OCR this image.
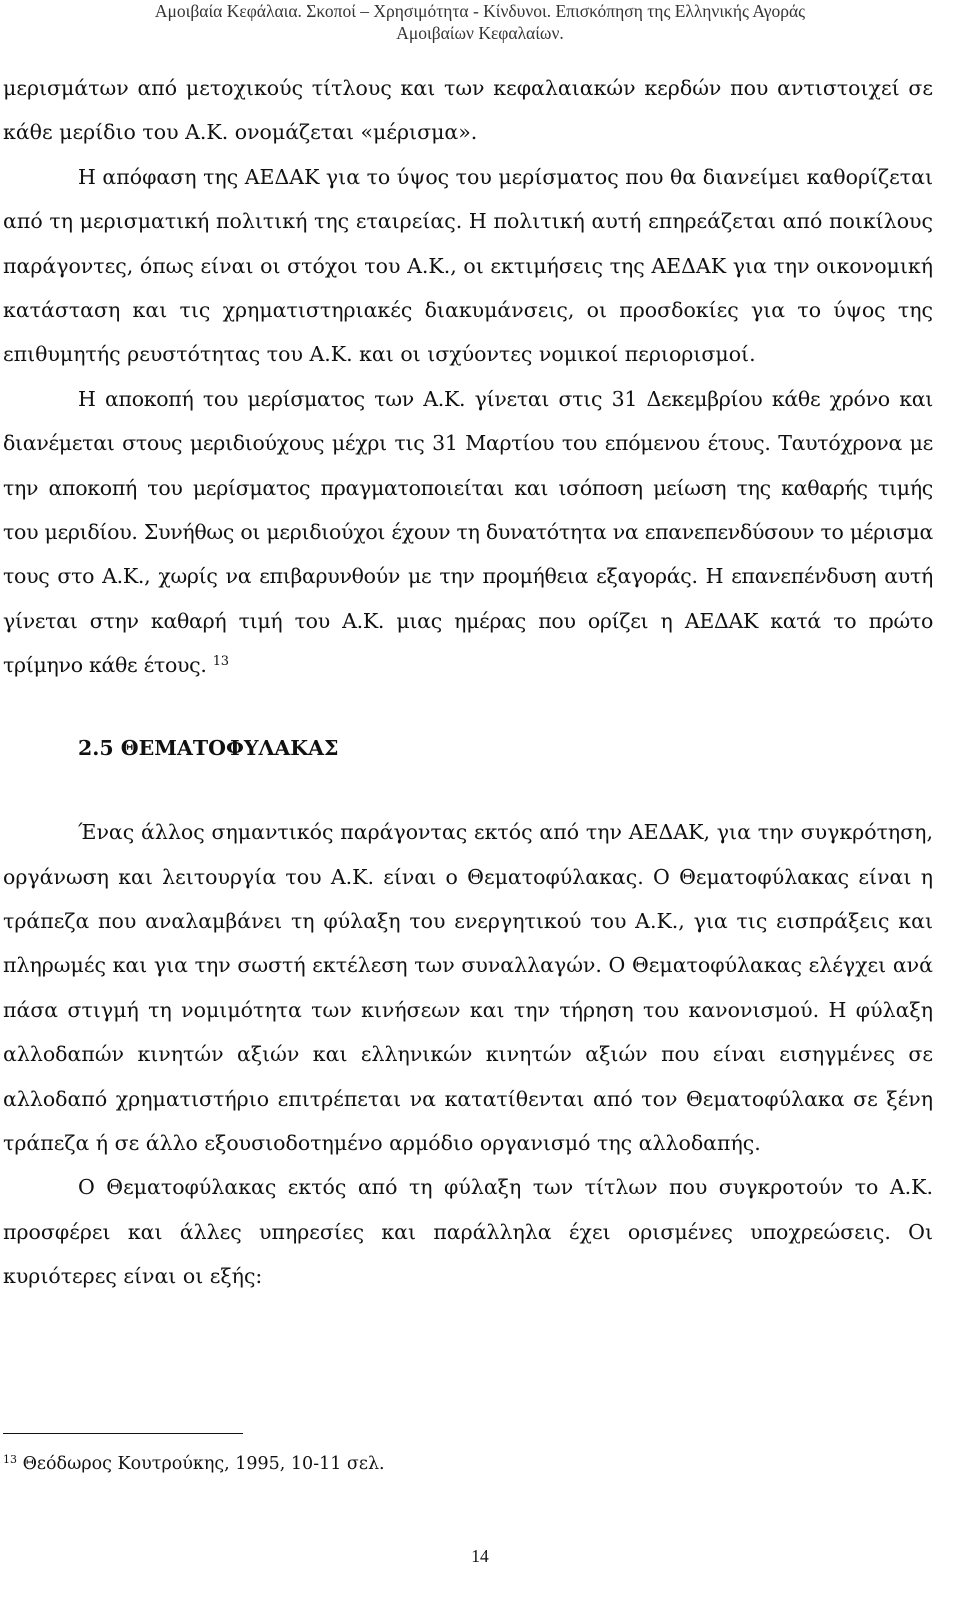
Αμοιβαία Κεφάλαια. Σκοποί – Χρησιμότητα - Κίνδυνοι. Επισκόπηση της Ελληνικής Αγοράς
Αμοιβαίων Κεφαλαίων.

μερισμάτων από μετοχικούς τίτλους και των κεφαλαιακών κερδών που αντιστοιχεί σε κάθε μερίδιο του Α.Κ. ονομάζεται «μέρισμα».

Η απόφαση της ΑΕΔΑΚ για το ύψος του μερίσματος που θα διανείμει καθορίζεται από τη μερισματική πολιτική της εταιρείας. Η πολιτική αυτή επηρεάζεται από ποικίλους παράγοντες, όπως είναι οι στόχοι του Α.Κ., οι εκτιμήσεις της ΑΕΔΑΚ για την οικονομική κατάσταση και τις χρηματιστηριακές διακυμάνσεις, οι προσδοκίες για το ύψος της επιθυμητής ρευστότητας του Α.Κ. και οι ισχύοντες νομικοί περιορισμοί.

Η αποκοπή του μερίσματος των Α.Κ. γίνεται στις 31 Δεκεμβρίου κάθε χρόνο και διανέμεται στους μεριδιούχους μέχρι τις 31 Μαρτίου του επόμενου έτους. Ταυτόχρονα με την αποκοπή του μερίσματος πραγματοποιείται και ισόποση μείωση της καθαρής τιμής του μεριδίου. Συνήθως οι μεριδιούχοι έχουν τη δυνατότητα να επανεπενδύσουν το μέρισμα τους στο Α.Κ., χωρίς να επιβαρυνθούν με την προμήθεια εξαγοράς. Η επανεπένδυση αυτή γίνεται στην καθαρή τιμή του Α.Κ. μιας ημέρας που ορίζει η ΑΕΔΑΚ κατά το πρώτο τρίμηνο κάθε έτους. $^{13}$

2.5 ΘΕΜΑΤΟΦΥΛΑΚΑΣ

Ένας άλλος σημαντικός παράγοντας εκτός από την ΑΕΔΑΚ, για την συγκρότηση, οργάνωση και λειτουργία του Α.Κ. είναι ο Θεματοφύλακας. Ο Θεματοφύλακας είναι η τράπεζα που αναλαμβάνει τη φύλαξη του ενεργητικού του Α.Κ., για τις εισπράξεις και πληρωμές και για την σωστή εκτέλεση των συναλλαγών. Ο Θεματοφύλακας ελέγχει ανά πάσα στιγμή τη νομιμότητα των κινήσεων και την τήρηση του κανονισμού. Η φύλαξη αλλοδαπών κινητών αξιών και ελληνικών κινητών αξιών που είναι εισηγμένες σε αλλοδαπό χρηματιστήριο επιτρέπεται να κατατίθενται από τον Θεματοφύλακα σε ξένη τράπεζα ή σε άλλο εξουσιοδοτημένο αρμόδιο οργανισμό της αλλοδαπής.

Ο Θεματοφύλακας εκτός από τη φύλαξη των τίτλων που συγκροτούν το Α.Κ. προσφέρει και άλλες υπηρεσίες και παράλληλα έχει ορισμένες υποχρεώσεις. Οι κυριότερες είναι οι εξής:

$^{13}$ Θεόδωρος Κουτρούκης, 1995, 10-11 σελ.
14
